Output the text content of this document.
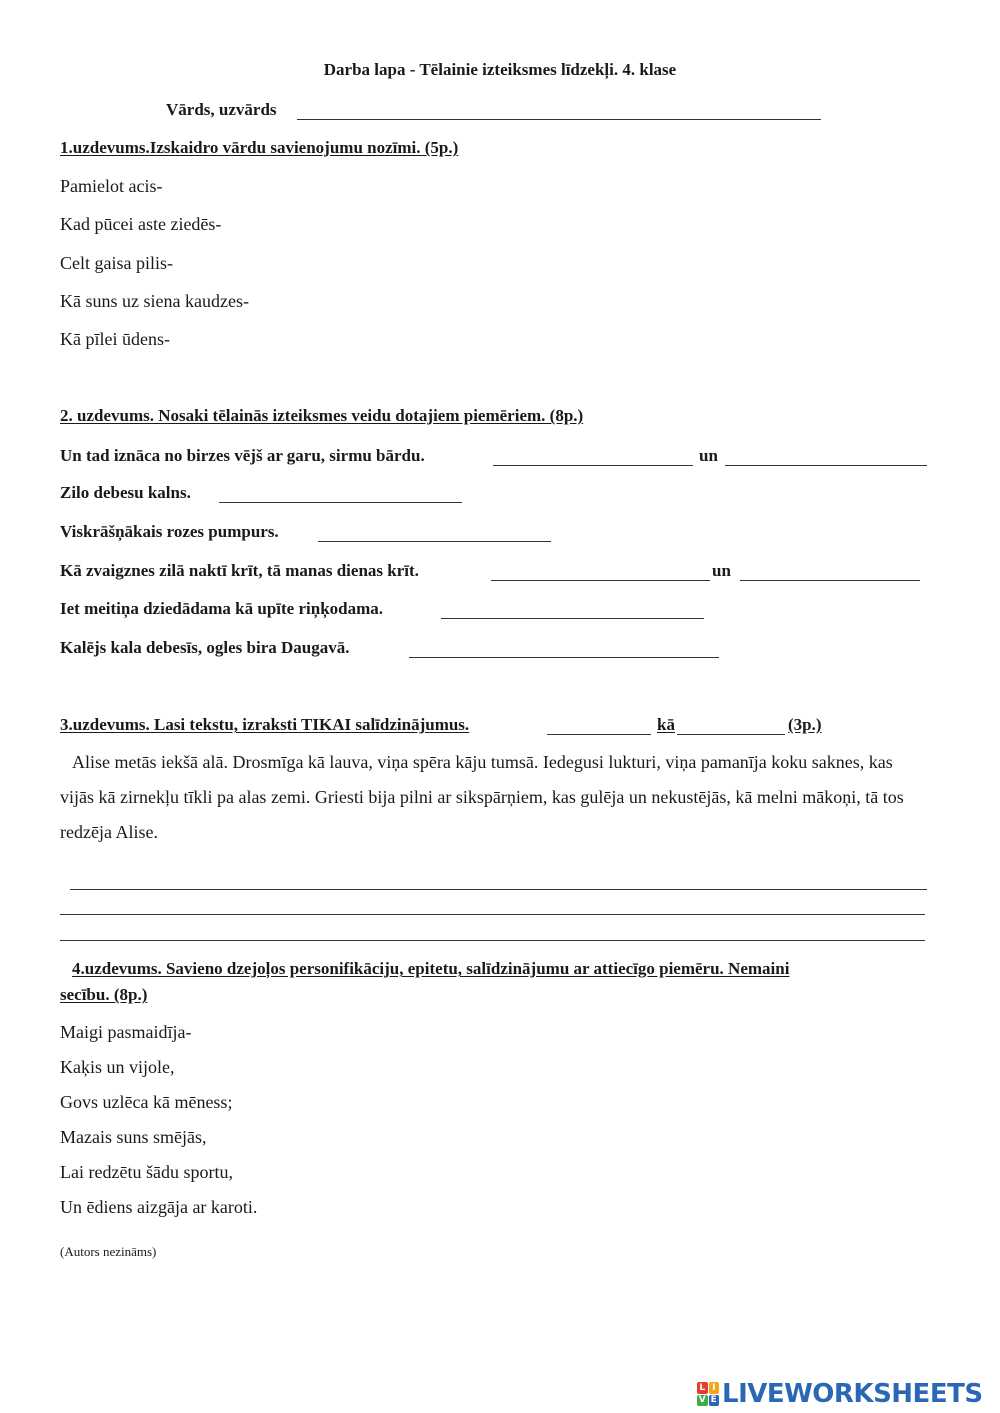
Darba lapa - Tēlainie izteiksmes līdzekļi. 4. klase
Vārds, uzvārds
1.uzdevums.Izskaidro vārdu savienojumu nozīmi. (5p.)
Pamielot acis-
Kad pūcei aste ziedēs-
Celt gaisa pilis-
Kā suns uz siena kaudzes-
Kā pīlei ūdens-
2. uzdevums. Nosaki tēlainās izteiksmes veidu dotajiem piemēriem. (8p.)
Un tad iznāca no birzes vējš ar garu, sirmu bārdu.	un
Zilo debesu kalns.
Viskrāšņākais rozes pumpurs.
Kā zvaigznes zilā naktī krīt, tā manas dienas krīt.	un
Iet meitiņa dziedādama kā upīte riņķodama.
Kalējs kala debesīs, ogles bira Daugavā.
3.uzdevums. Lasi tekstu, izraksti TIKAI salīdzinājumus.	kā	(3p.)
Alise metās iekšā alā. Drosmīga kā lauva, viņa spēra kāju tumsā. Iedegusi lukturi, viņa pamanīja koku saknes, kas vijās kā zirnekļu tīkli pa alas zemi. Griesti bija pilni ar sikspārņiem, kas gulēja un nekustējās, kā melni mākoņi, tā tos redzēja Alise.
4.uzdevums. Savieno dzejoļos personifikāciju, epitetu, salīdzinājumu ar attiecīgo piemēru. Nemaini
secību. (8p.)
Maigi pasmaidīja-
Kaķis un vijole,
Govs uzlēca kā mēness;
Mazais suns smējās,
Lai redzētu šādu sportu,
Un ēdiens aizgāja ar karoti.
(Autors nezināms)
L I
V E LIVEWORKSHEETS
